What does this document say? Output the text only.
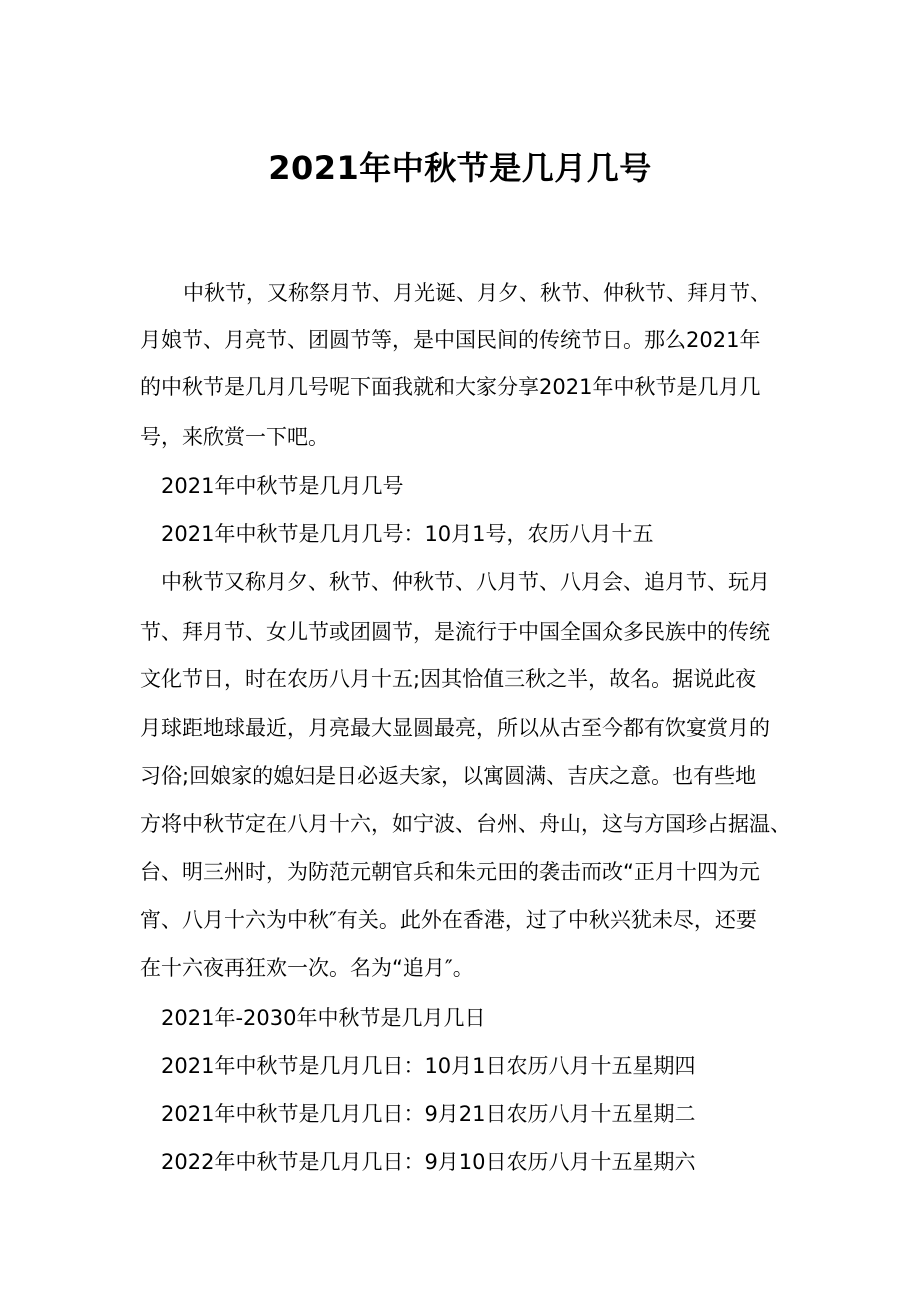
2021年中秋节是几月几号
中秋节，又称祭月节、月光诞、月夕、秋节、仲秋节、拜月节、
月娘节、月亮节、团圆节等，是中国民间的传统节日。那么2021年
的中秋节是几月几号呢下面我就和大家分享2021年中秋节是几月几
号，来欣赏一下吧。
2021年中秋节是几月几号
2021年中秋节是几月几号：10月1号，农历八月十五
中秋节又称月夕、秋节、仲秋节、八月节、八月会、追月节、玩月
节、拜月节、女儿节或团圆节，是流行于中国全国众多民族中的传统
文化节日，时在农历八月十五;因其恰值三秋之半，故名。据说此夜
月球距地球最近，月亮最大显圆最亮，所以从古至今都有饮宴赏月的
习俗;回娘家的媳妇是日必返夫家，以寓圆满、吉庆之意。也有些地
方将中秋节定在八月十六，如宁波、台州、舟山，这与方国珍占据温、
台、明三州时，为防范元朝官兵和朱元田的袭击而改“正月十四为元
宵、八月十六为中秋″有关。此外在香港，过了中秋兴犹未尽，还要
在十六夜再狂欢一次。名为“追月″。
2021年-2030年中秋节是几月几日
2021年中秋节是几月几日：10月1日农历八月十五星期四
2021年中秋节是几月几日：9月21日农历八月十五星期二
2022年中秋节是几月几日：9月10日农历八月十五星期六
